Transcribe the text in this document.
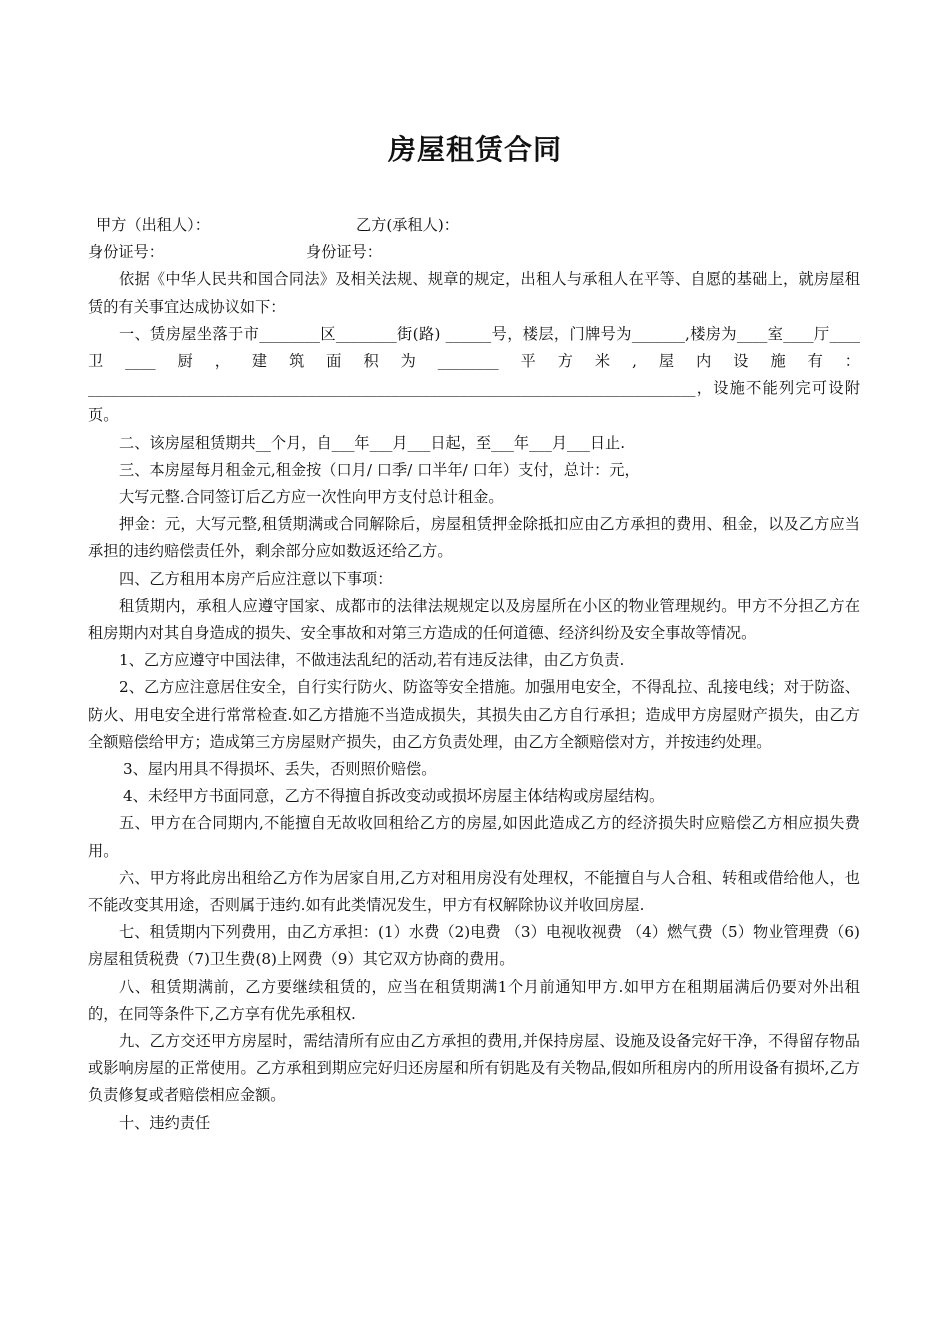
房屋租赁合同
甲方（出租人）：	乙方(承租人)：
身份证号：	身份证号：
依据《中华人民共和国合同法》及相关法规、规章的规定，出租人与承租人在平等、自愿的基础上，就房屋租赁的有关事宜达成协议如下：
一、赁房屋坐落于市________区________街(路) ______号，楼层，门牌号为_______,楼房为____室____厅____卫____厨，建筑面积为________平方米,屋内设施有：________________________________________________________________________________，设施不能列完可设附页。
二、该房屋租赁期共__个月，自___年___月___日起，至___年___月___日止.
三、本房屋每月租金元,租金按（口月/ 口季/ 口半年/ 口年）支付，总计：元，
大写元整.合同签订后乙方应一次性向甲方支付总计租金。
押金：元，大写元整,租赁期满或合同解除后，房屋租赁押金除抵扣应由乙方承担的费用、租金，以及乙方应当承担的违约赔偿责任外，剩余部分应如数返还给乙方。
四、乙方租用本房产后应注意以下事项：
租赁期内，承租人应遵守国家、成都市的法律法规规定以及房屋所在小区的物业管理规约。甲方不分担乙方在租房期内对其自身造成的损失、安全事故和对第三方造成的任何道德、经济纠纷及安全事故等情况。
1、乙方应遵守中国法律，不做违法乱纪的活动,若有违反法律，由乙方负责.
2、乙方应注意居住安全，自行实行防火、防盗等安全措施。加强用电安全，不得乱拉、乱接电线；对于防盗、防火、用电安全进行常常检查.如乙方措施不当造成损失，其损失由乙方自行承担；造成甲方房屋财产损失，由乙方全额赔偿给甲方；造成第三方房屋财产损失，由乙方负责处理，由乙方全额赔偿对方，并按违约处理。
3、屋内用具不得损坏、丢失，否则照价赔偿。
4、未经甲方书面同意，乙方不得擅自拆改变动或损坏房屋主体结构或房屋结构。
五、甲方在合同期内,不能擅自无故收回租给乙方的房屋,如因此造成乙方的经济损失时应赔偿乙方相应损失费用。
六、甲方将此房出租给乙方作为居家自用,乙方对租用房没有处理权，不能擅自与人合租、转租或借给他人，也不能改变其用途，否则属于违约.如有此类情况发生，甲方有权解除协议并收回房屋.
七、租赁期内下列费用，由乙方承担：(1）水费（2)电费 （3）电视收视费 （4）燃气费（5）物业管理费（6)房屋租赁税费（7)卫生费(8)上网费（9）其它双方协商的费用。
八、租赁期满前，乙方要继续租赁的，应当在租赁期满1个月前通知甲方.如甲方在租期届满后仍要对外出租的，在同等条件下,乙方享有优先承租权.
九、乙方交还甲方房屋时，需结清所有应由乙方承担的费用,并保持房屋、设施及设备完好干净，不得留存物品或影响房屋的正常使用。乙方承租到期应完好归还房屋和所有钥匙及有关物品,假如所租房内的所用设备有损坏,乙方负责修复或者赔偿相应金额。
十、违约责任
